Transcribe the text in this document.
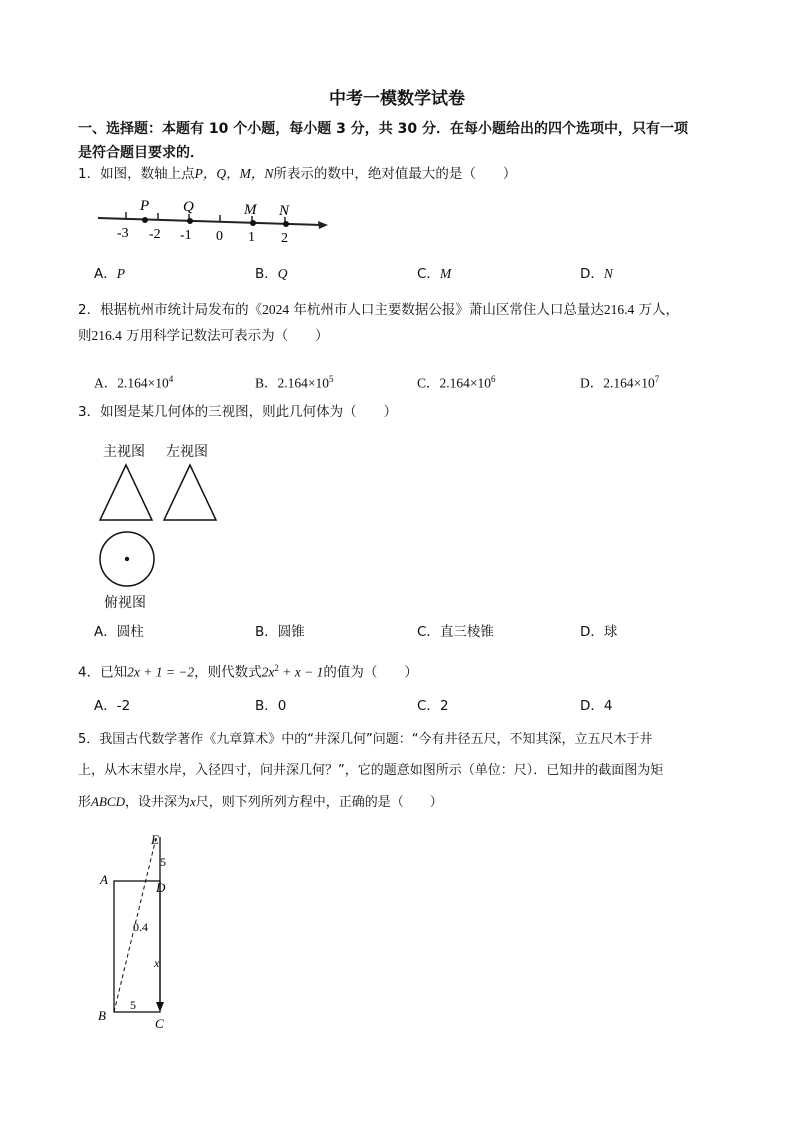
中考一模数学试卷
一、选择题：本题有 10 个小题，每小题 3 分，共 30 分．在每小题给出的四个选项中，只有一项
是符合题目要求的．
1．如图，数轴上点P，Q，M，N所表示的数中，绝对值最大的是（　　）
P Q	M N
-3 -2 -1 0 1 2
A．P	B．Q	C．M	D．N
2．根据杭州市统计局发布的《2024 年杭州市人口主要数据公报》萧山区常住人口总量达216.4 万人，
则216.4 万用科学记数法可表示为（　　）
A．$2.164\times 10^4$	B．$2.164\times 10^5$	C．$2.164\times 10^6$	D．$2.164\times 10^7$
3．如图是某几何体的三视图，则此几何体为（　　）
主视图 左视图
俯视图
A．圆柱	B．圆锥	C．直三棱锥	D．球
4．已知2x + 1 = −2，则代数式$2x^2 + x - 1$的值为（　　）
A．-2	B．0	C．2	D．4
5．我国古代数学著作《九章算术》中的“井深几何”问题：“今有井径五尺，不知其深，立五尺木于井
上，从木末望水岸，入径四寸，问井深几何？”，它的题意如图所示（单位：尺）．已知井的截面图为矩
形ABCD，设井深为x尺，则下列所列方程中，正确的是（　　）
E
A
D
B
C
5
0.4
x
5
